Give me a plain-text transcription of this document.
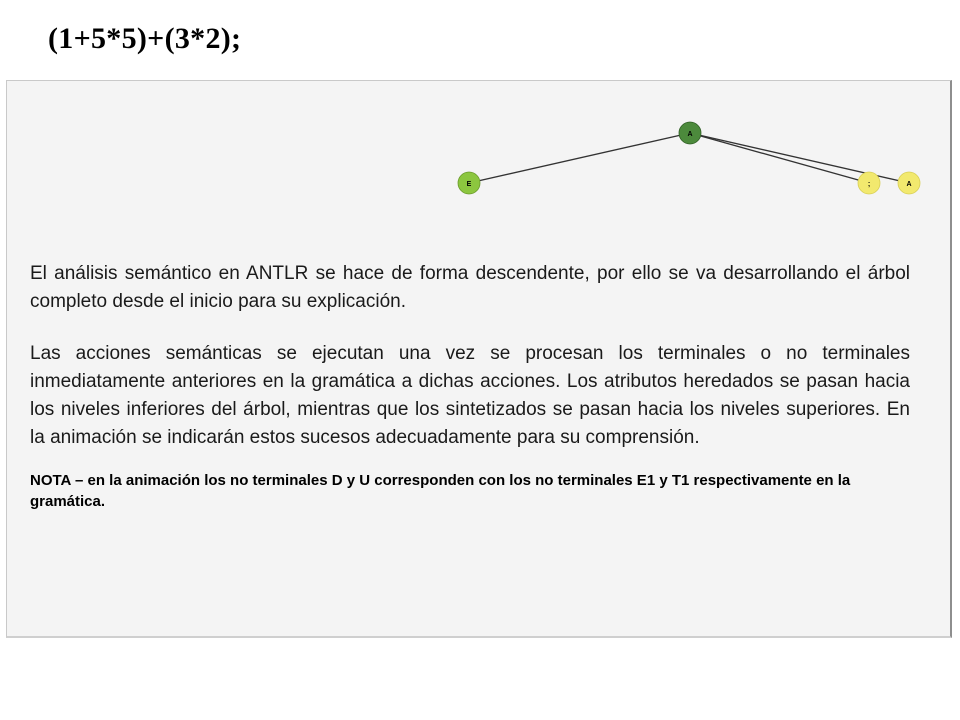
(1+5*5)+(3*2);
A
E	;	A

El análisis semántico en ANTLR se hace de forma descendente, por ello se va desarrollando el árbol completo desde el inicio para su explicación.

Las acciones semánticas se ejecutan una vez se procesan los terminales o no terminales inmediatamente anteriores en la gramática a dichas acciones. Los atributos heredados se pasan hacia los niveles inferiores del árbol, mientras que los sintetizados se pasan hacia los niveles superiores. En la animación se indicarán estos sucesos adecuadamente para su comprensión.

NOTA – en la animación los no terminales D y U corresponden con los no terminales E1 y T1 respectivamente en la gramática.
